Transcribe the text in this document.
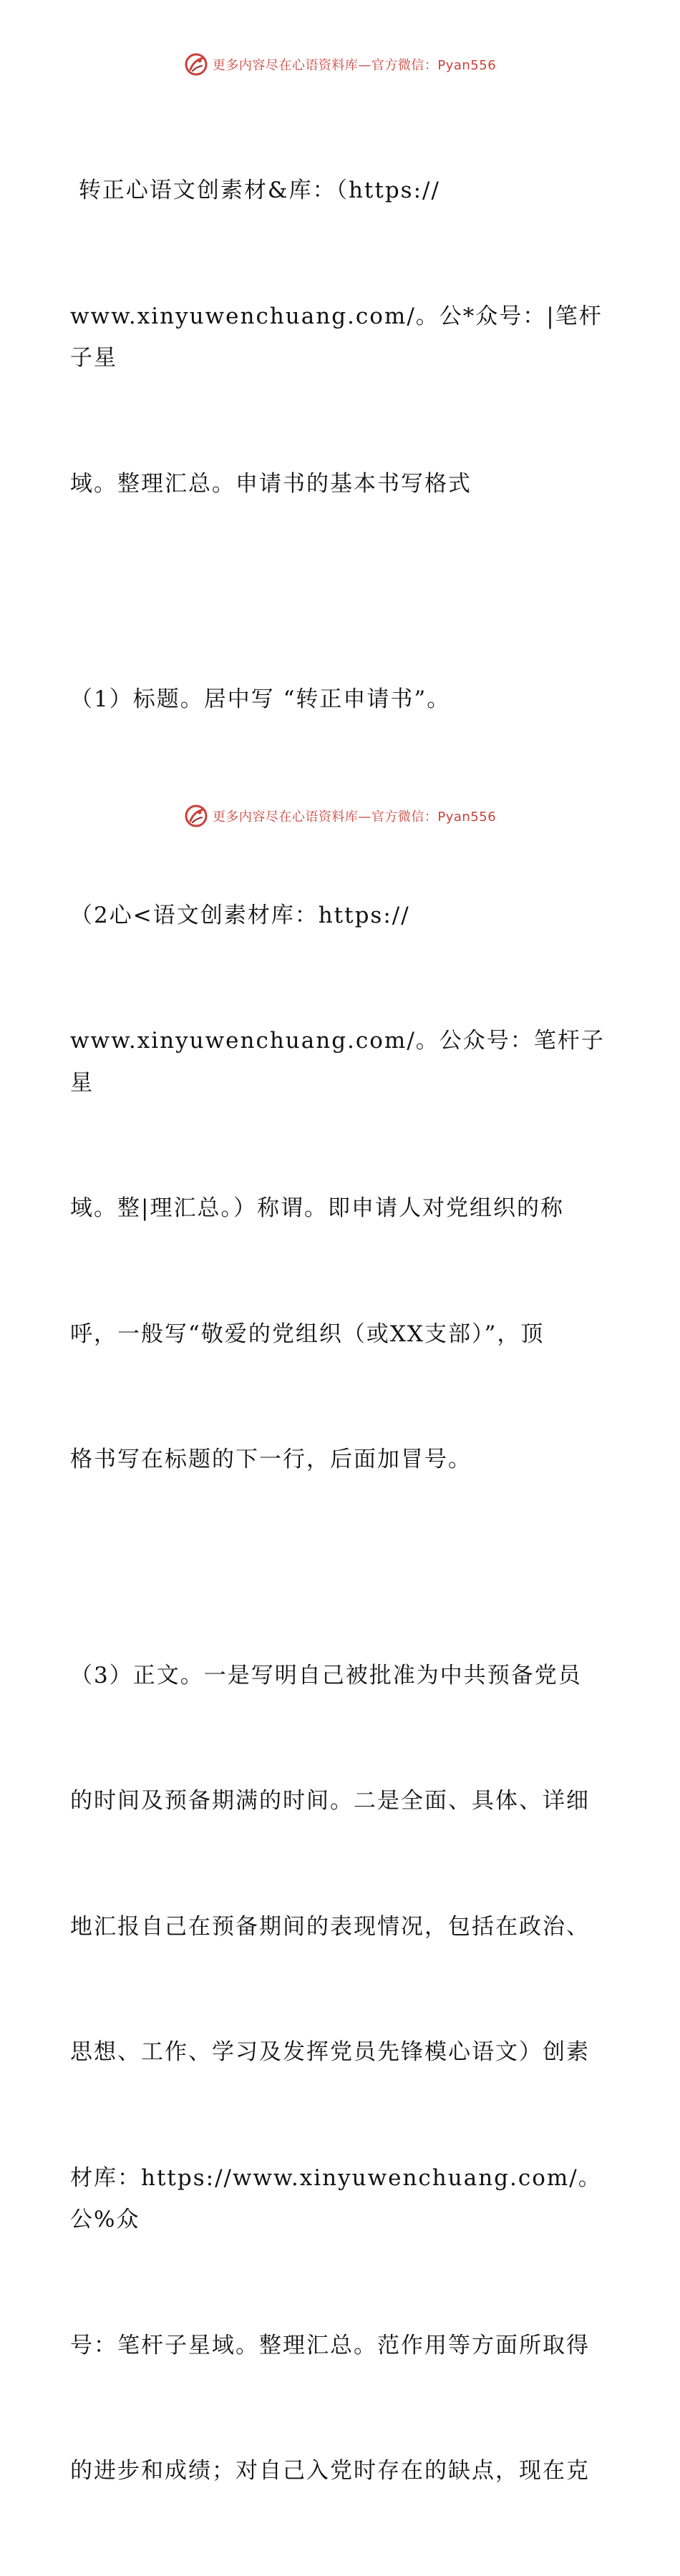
更多内容尽在心语资料库—官方微信：Pyan556

转正心语文创素材&库：（https://

www.xinyuwenchuang.com/。公*众号：|笔杆子星

域。整理汇总。申请书的基本书写格式

（1）标题。居中写 “转正申请书”。

（2心<语文创素材库：https://

www.xinyuwenchuang.com/。公众号：笔杆子星

域。整|理汇总。）称谓。即申请人对党组织的称

呼，一般写“敬爱的党组织（或XX支部）”，顶

格书写在标题的下一行，后面加冒号。

（3）正文。一是写明自己被批准为中共预备党员

的时间及预备期满的时间。二是全面、具体、详细

地汇报自己在预备期间的表现情况，包括在政治、

思想、工作、学习及发挥党员先锋模心语文）创素

材库：https://www.xinyuwenchuang.com/。公%众

号：笔杆子星域。整理汇总。范作用等方面所取得

的进步和成绩；对自己入党时存在的缺点，现在克

更多内容尽在心语资料库—官方微信：Pyan556
